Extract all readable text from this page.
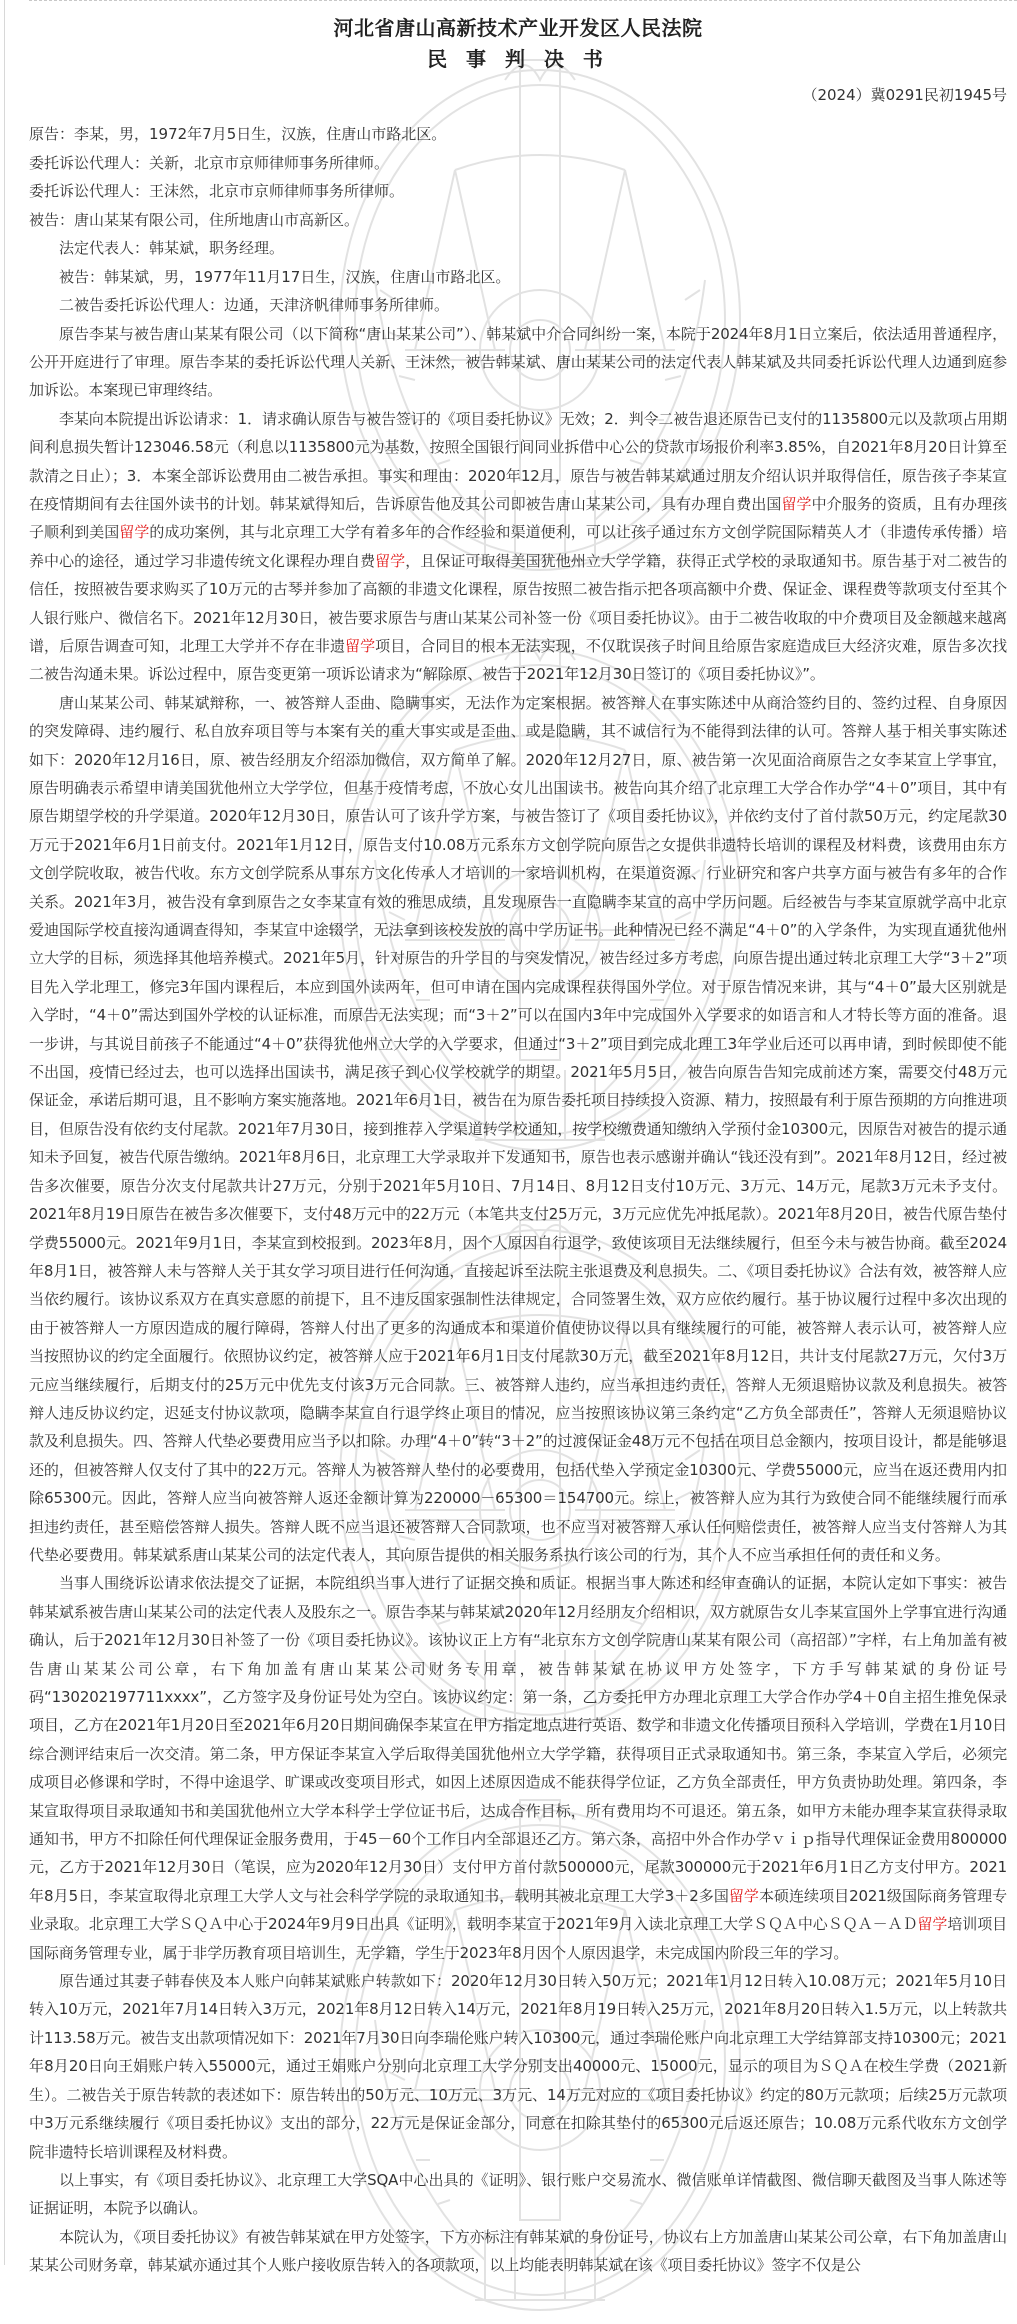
河北省唐山高新技术产业开发区人民法院
民 事 判 决 书
（2024）冀0291民初1945号

原告：李某，男，1972年7月5日生，汉族，住唐山市路北区。

委托诉讼代理人：关新，北京市京师律师事务所律师。

委托诉讼代理人：王沫然，北京市京师律师事务所律师。

被告：唐山某某有限公司，住所地唐山市高新区。

法定代表人：韩某斌，职务经理。

被告：韩某斌，男，1977年11月17日生，汉族，住唐山市路北区。

二被告委托诉讼代理人：边通，天津济帆律师事务所律师。

原告李某与被告唐山某某有限公司（以下简称“唐山某某公司”）、韩某斌中介合同纠纷一案，本院于2024年8月1日立案后，依法适用普通程序，公开开庭进行了审理。原告李某的委托诉讼代理人关新、王沫然，被告韩某斌、唐山某某公司的法定代表人韩某斌及共同委托诉讼代理人边通到庭参加诉讼。本案现已审理终结。

李某向本院提出诉讼请求：1．请求确认原告与被告签订的《项目委托协议》无效；2．判令二被告退还原告已支付的1135800元以及款项占用期间利息损失暂计123046.58元（利息以1135800元为基数，按照全国银行间同业拆借中心公的贷款市场报价利率3.85%，自2021年8月20日计算至款清之日止）；3．本案全部诉讼费用由二被告承担。事实和理由：2020年12月，原告与被告韩某斌通过朋友介绍认识并取得信任，原告孩子李某宣在疫情期间有去往国外读书的计划。韩某斌得知后，告诉原告他及其公司即被告唐山某某公司，具有办理自费出国留学中介服务的资质，且有办理孩子顺利到美国留学的成功案例，其与北京理工大学有着多年的合作经验和渠道便利，可以让孩子通过东方文创学院国际精英人才（非遗传承传播）培养中心的途径，通过学习非遗传统文化课程办理自费留学，且保证可取得美国犹他州立大学学籍，获得正式学校的录取通知书。原告基于对二被告的信任，按照被告要求购买了10万元的古琴并参加了高额的非遗文化课程，原告按照二被告指示把各项高额中介费、保证金、课程费等款项支付至其个人银行账户、微信名下。2021年12月30日，被告要求原告与唐山某某公司补签一份《项目委托协议》。由于二被告收取的中介费项目及金额越来越离谱，后原告调查可知，北理工大学并不存在非遗留学项目，合同目的根本无法实现，不仅耽误孩子时间且给原告家庭造成巨大经济灾难，原告多次找二被告沟通未果。诉讼过程中，原告变更第一项诉讼请求为“解除原、被告于2021年12月30日签订的《项目委托协议》”。

唐山某某公司、韩某斌辩称，一、被答辩人歪曲、隐瞒事实，无法作为定案根据。被答辩人在事实陈述中从商洽签约目的、签约过程、自身原因的突发障碍、违约履行、私自放弃项目等与本案有关的重大事实或是歪曲、或是隐瞒，其不诚信行为不能得到法律的认可。答辩人基于相关事实陈述如下：2020年12月16日，原、被告经朋友介绍添加微信，双方简单了解。2020年12月27日，原、被告第一次见面洽商原告之女李某宣上学事宜，原告明确表示希望申请美国犹他州立大学学位，但基于疫情考虑，不放心女儿出国读书。被告向其介绍了北京理工大学合作办学“4＋0”项目，其中有原告期望学校的升学渠道。2020年12月30日，原告认可了该升学方案，与被告签订了《项目委托协议》，并依约支付了首付款50万元，约定尾款30万元于2021年6月1日前支付。2021年1月12日，原告支付10.08万元系东方文创学院向原告之女提供非遗特长培训的课程及材料费，该费用由东方文创学院收取，被告代收。东方文创学院系从事东方文化传承人才培训的一家培训机构，在渠道资源、行业研究和客户共享方面与被告有多年的合作关系。2021年3月，被告没有拿到原告之女李某宣有效的雅思成绩，且发现原告一直隐瞒李某宣的高中学历问题。后经被告与李某宣原就学高中北京爱迪国际学校直接沟通调查得知，李某宣中途辍学，无法拿到该校发放的高中学历证书。此种情况已经不满足“4＋0”的入学条件，为实现直通犹他州立大学的目标，须选择其他培养模式。2021年5月，针对原告的升学目的与突发情况，被告经过多方考虑，向原告提出通过转北京理工大学“3＋2”项目先入学北理工，修完3年国内课程后，本应到国外读两年，但可申请在国内完成课程获得国外学位。对于原告情况来讲，其与“4＋0”最大区别就是入学时，“4＋0”需达到国外学校的认证标准，而原告无法实现；而“3＋2”可以在国内3年中完成国外入学要求的如语言和人才特长等方面的准备。退一步讲，与其说目前孩子不能通过“4＋0”获得犹他州立大学的入学要求，但通过“3＋2”项目到完成北理工3年学业后还可以再申请，到时候即使不能不出国，疫情已经过去，也可以选择出国读书，满足孩子到心仪学校就学的期望。2021年5月5日，被告向原告告知完成前述方案，需要交付48万元保证金，承诺后期可退，且不影响方案实施落地。2021年6月1日，被告在为原告委托项目持续投入资源、精力，按照最有利于原告预期的方向推进项目，但原告没有依约支付尾款。2021年7月30日，接到推荐入学渠道转学校通知，按学校缴费通知缴纳入学预付金10300元，因原告对被告的提示通知未予回复，被告代原告缴纳。2021年8月6日，北京理工大学录取并下发通知书，原告也表示感谢并确认“钱还没有到”。2021年8月12日，经过被告多次催要，原告分次支付尾款共计27万元，分别于2021年5月10日、7月14日、8月12日支付10万元、3万元、14万元，尾款3万元未予支付。2021年8月19日原告在被告多次催要下，支付48万元中的22万元（本笔共支付25万元，3万元应优先冲抵尾款）。2021年8月20日，被告代原告垫付学费55000元。2021年9月1日，李某宣到校报到。2023年8月，因个人原因自行退学，致使该项目无法继续履行，但至今未与被告协商。截至2024年8月1日，被答辩人未与答辩人关于其女学习项目进行任何沟通，直接起诉至法院主张退费及利息损失。二、《项目委托协议》合法有效，被答辩人应当依约履行。该协议系双方在真实意愿的前提下，且不违反国家强制性法律规定，合同签署生效，双方应依约履行。基于协议履行过程中多次出现的由于被答辩人一方原因造成的履行障碍，答辩人付出了更多的沟通成本和渠道价值使协议得以具有继续履行的可能，被答辩人表示认可，被答辩人应当按照协议的约定全面履行。依照协议约定，被答辩人应于2021年6月1日支付尾款30万元，截至2021年8月12日，共计支付尾款27万元，欠付3万元应当继续履行，后期支付的25万元中优先支付该3万元合同款。三、被答辩人违约，应当承担违约责任，答辩人无须退赔协议款及利息损失。被答辩人违反协议约定，迟延支付协议款项，隐瞒李某宣自行退学终止项目的情况，应当按照该协议第三条约定“乙方负全部责任”，答辩人无须退赔协议款及利息损失。四、答辩人代垫必要费用应当予以扣除。办理“4＋0”转“3＋2”的过渡保证金48万元不包括在项目总金额内，按项目设计，都是能够退还的，但被答辩人仅支付了其中的22万元。答辩人为被答辩人垫付的必要费用，包括代垫入学预定金10300元、学费55000元，应当在返还费用内扣除65300元。因此，答辩人应当向被答辩人返还金额计算为220000－65300＝154700元。综上，被答辩人应为其行为致使合同不能继续履行而承担违约责任，甚至赔偿答辩人损失。答辩人既不应当退还被答辩人合同款项，也不应当对被答辩人承认任何赔偿责任，被答辩人应当支付答辩人为其代垫必要费用。韩某斌系唐山某某公司的法定代表人，其向原告提供的相关服务系执行该公司的行为，其个人不应当承担任何的责任和义务。

当事人围绕诉讼请求依法提交了证据，本院组织当事人进行了证据交换和质证。根据当事人陈述和经审查确认的证据，本院认定如下事实：被告韩某斌系被告唐山某某公司的法定代表人及股东之一。原告李某与韩某斌2020年12月经朋友介绍相识，双方就原告女儿李某宣国外上学事宜进行沟通确认，后于2021年12月30日补签了一份《项目委托协议》。该协议正上方有“北京东方文创学院唐山某某有限公司（高招部）”字样，右上角加盖有被告唐山某某公司公章，右下角加盖有唐山某某公司财务专用章，被告韩某斌在协议甲方处签字，下方手写韩某斌的身份证号码“130202197711xxxx”，乙方签字及身份证号处为空白。该协议约定：第一条，乙方委托甲方办理北京理工大学合作办学4＋0自主招生推免保录项目，乙方在2021年1月20日至2021年6月20日期间确保李某宣在甲方指定地点进行英语、数学和非遗文化传播项目预科入学培训，学费在1月10日综合测评结束后一次交清。第二条，甲方保证李某宣入学后取得美国犹他州立大学学籍，获得项目正式录取通知书。第三条，李某宣入学后，必须完成项目必修课和学时，不得中途退学、旷课或改变项目形式，如因上述原因造成不能获得学位证，乙方负全部责任，甲方负责协助处理。第四条，李某宣取得项目录取通知书和美国犹他州立大学本科学士学位证书后，达成合作目标，所有费用均不可退还。第五条，如甲方未能办理李某宣获得录取通知书，甲方不扣除任何代理保证金服务费用，于45－60个工作日内全部退还乙方。第六条，高招中外合作办学ｖｉｐ指导代理保证金费用800000元，乙方于2021年12月30日（笔误，应为2020年12月30日）支付甲方首付款500000元，尾款300000元于2021年6月1日乙方支付甲方。2021年8月5日，李某宣取得北京理工大学人文与社会科学学院的录取通知书，载明其被北京理工大学3＋2多国留学本硕连续项目2021级国际商务管理专业录取。北京理工大学ＳＱＡ中心于2024年9月9日出具《证明》，载明李某宣于2021年9月入读北京理工大学ＳＱＡ中心ＳＱＡ－ＡＤ留学培训项目国际商务管理专业，属于非学历教育项目培训生，无学籍，学生于2023年8月因个人原因退学，未完成国内阶段三年的学习。

原告通过其妻子韩春侠及本人账户向韩某斌账户转款如下：2020年12月30日转入50万元；2021年1月12日转入10.08万元；2021年5月10日转入10万元，2021年7月14日转入3万元，2021年8月12日转入14万元，2021年8月19日转入25万元，2021年8月20日转入1.5万元，以上转款共计113.58万元。被告支出款项情况如下：2021年7月30日向李瑞伦账户转入10300元，通过李瑞伦账户向北京理工大学结算部支持10300元；2021年8月20日向王娟账户转入55000元，通过王娟账户分别向北京理工大学分别支出40000元、15000元，显示的项目为ＳＱＡ在校生学费（2021新生）。二被告关于原告转款的表述如下：原告转出的50万元、10万元、3万元、14万元对应的《项目委托协议》约定的80万元款项；后续25万元款项中3万元系继续履行《项目委托协议》支出的部分，22万元是保证金部分，同意在扣除其垫付的65300元后返还原告；10.08万元系代收东方文创学院非遗特长培训课程及材料费。

以上事实，有《项目委托协议》、北京理工大学SQA中心出具的《证明》、银行账户交易流水、微信账单详情截图、微信聊天截图及当事人陈述等证据证明，本院予以确认。

本院认为，《项目委托协议》有被告韩某斌在甲方处签字，下方亦标注有韩某斌的身份证号，协议右上方加盖唐山某某公司公章，右下角加盖唐山某某公司财务章，韩某斌亦通过其个人账户接收原告转入的各项款项，以上均能表明韩某斌在该《项目委托协议》签字不仅是公
